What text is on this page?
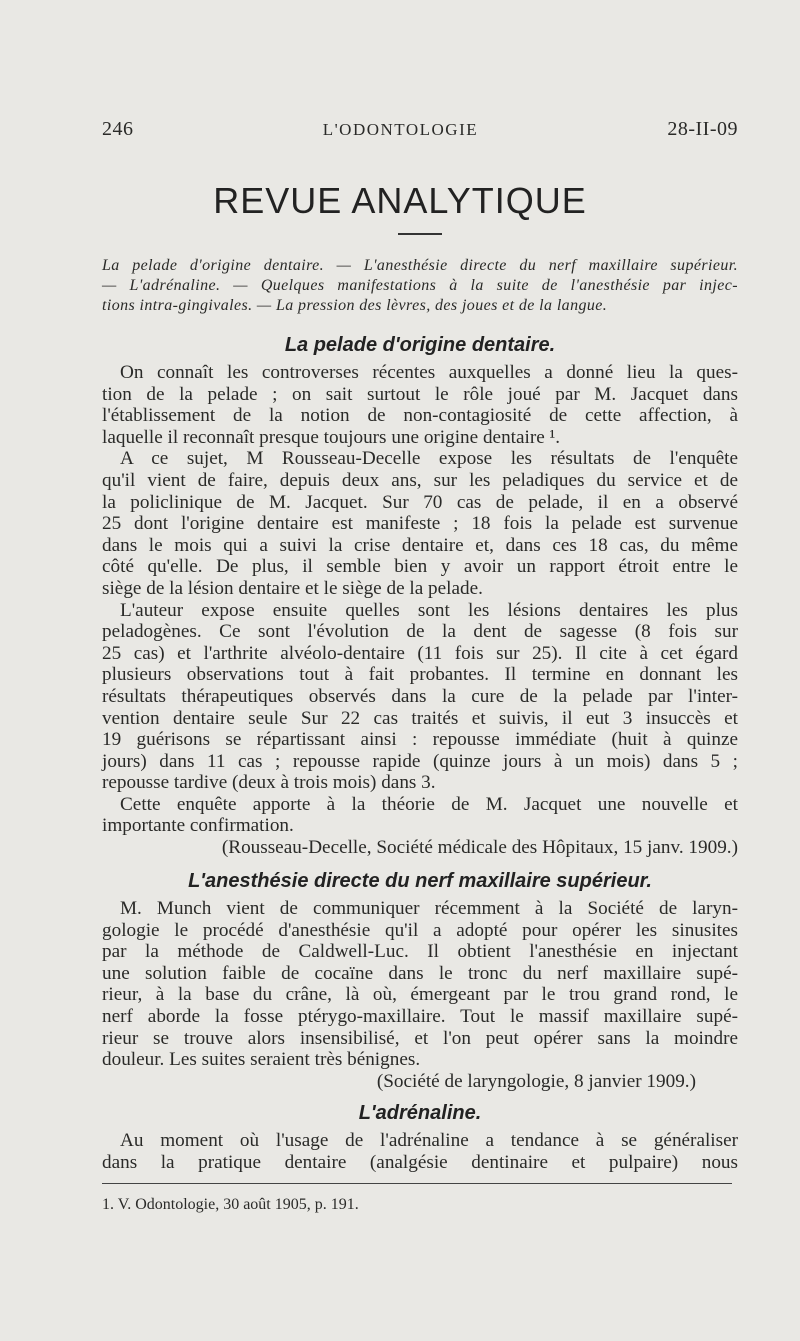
246	L'ODONTOLOGIE	28-II-09
REVUE ANALYTIQUE
La pelade d'origine dentaire. — L'anesthésie directe du nerf maxillaire supérieur.
— L'adrénaline. — Quelques manifestations à la suite de l'anesthésie par injec-
tions intra-gingivales. — La pression des lèvres, des joues et de la langue.
La pelade d'origine dentaire.
On connaît les controverses récentes auxquelles a donné lieu la ques-
tion de la pelade ; on sait surtout le rôle joué par M. Jacquet dans
l'établissement de la notion de non-contagiosité de cette affection, à
laquelle il reconnaît presque toujours une origine dentaire ¹.
A ce sujet, M Rousseau-Decelle expose les résultats de l'enquête
qu'il vient de faire, depuis deux ans, sur les peladiques du service et de
la policlinique de M. Jacquet. Sur 70 cas de pelade, il en a observé
25 dont l'origine dentaire est manifeste ; 18 fois la pelade est survenue
dans le mois qui a suivi la crise dentaire et, dans ces 18 cas, du même
côté qu'elle. De plus, il semble bien y avoir un rapport étroit entre le
siège de la lésion dentaire et le siège de la pelade.
L'auteur expose ensuite quelles sont les lésions dentaires les plus
peladogènes. Ce sont l'évolution de la dent de sagesse (8 fois sur
25 cas) et l'arthrite alvéolo-dentaire (11 fois sur 25). Il cite à cet égard
plusieurs observations tout à fait probantes. Il termine en donnant les
résultats thérapeutiques observés dans la cure de la pelade par l'inter-
vention dentaire seule Sur 22 cas traités et suivis, il eut 3 insuccès et
19 guérisons se répartissant ainsi : repousse immédiate (huit à quinze
jours) dans 11 cas ; repousse rapide (quinze jours à un mois) dans 5 ;
repousse tardive (deux à trois mois) dans 3.
Cette enquête apporte à la théorie de M. Jacquet une nouvelle et
importante confirmation.
(Rousseau-Decelle, Société médicale des Hôpitaux, 15 janv. 1909.)
L'anesthésie directe du nerf maxillaire supérieur.
M. Munch vient de communiquer récemment à la Société de laryn-
gologie le procédé d'anesthésie qu'il a adopté pour opérer les sinusites
par la méthode de Caldwell-Luc. Il obtient l'anesthésie en injectant
une solution faible de cocaïne dans le tronc du nerf maxillaire supé-
rieur, à la base du crâne, là où, émergeant par le trou grand rond, le
nerf aborde la fosse ptérygo-maxillaire. Tout le massif maxillaire supé-
rieur se trouve alors insensibilisé, et l'on peut opérer sans la moindre
douleur. Les suites seraient très bénignes.
(Société de laryngologie, 8 janvier 1909.)
L'adrénaline.
Au moment où l'usage de l'adrénaline a tendance à se généraliser
dans la pratique dentaire (analgésie dentinaire et pulpaire) nous
1. V. Odontologie, 30 août 1905, p. 191.
